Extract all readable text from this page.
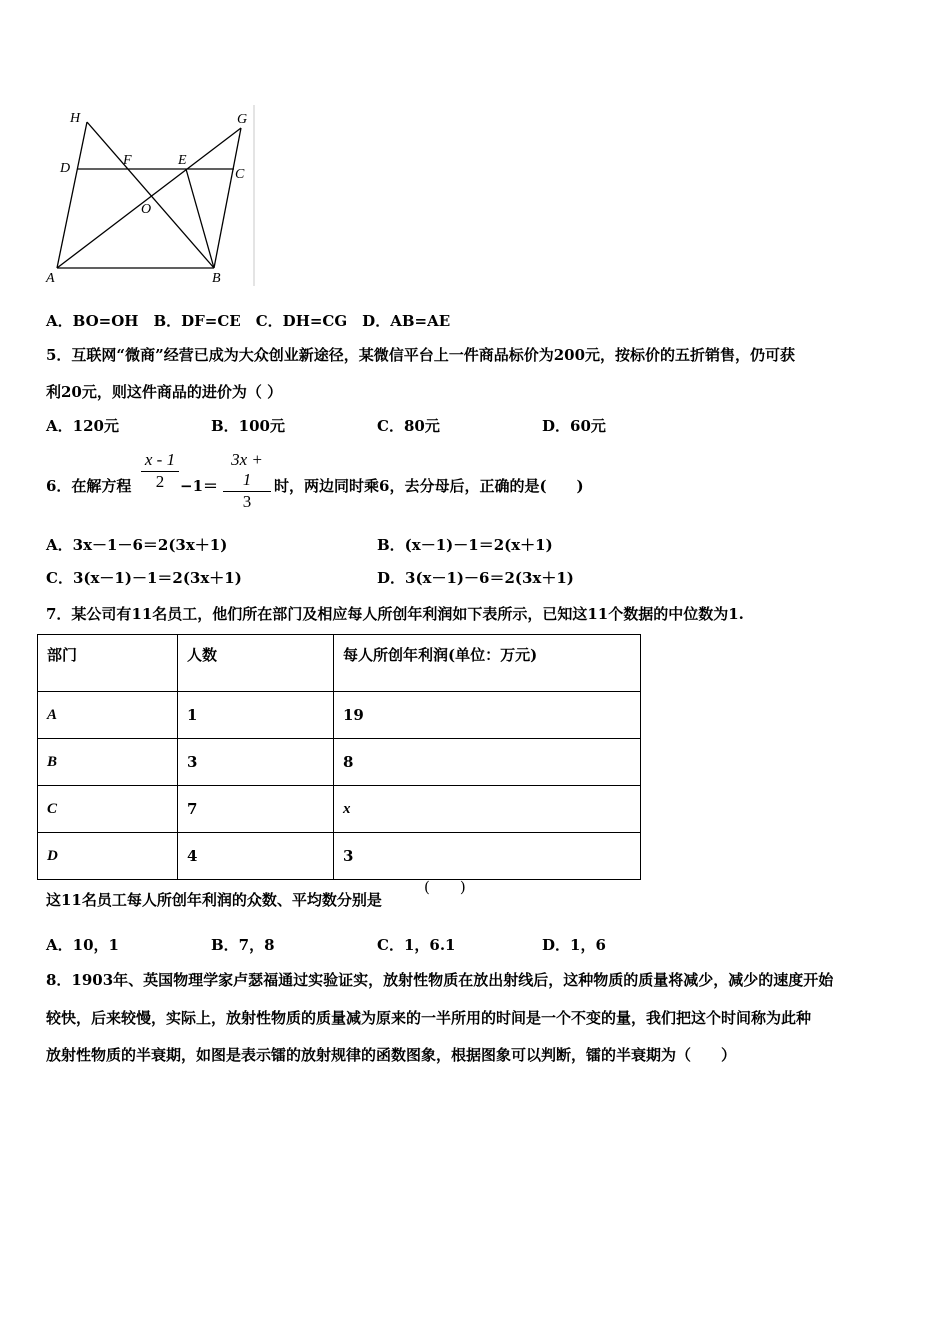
H	G
D
F	E
C
O
A	B
A．BO=OH　B．DF=CE　C．DH=CG　D．AB=AE
5．互联网“微商”经营已成为大众创业新途径，某微信平台上一件商品标价为200元，按标价的五折销售，仍可获
利20元，则这件商品的进价为（ ）
A．120元	B．100元	C．80元	D．60元
6．在解方程 $\frac{x - 1}{2} -1= \frac{3x + 1}{3}$ 时，两边同时乘6，去分母后，正确的是(　　)
A．3x－1－6＝2(3x＋1)	B．(x－1)－1＝2(x＋1)
C．3(x－1)－1＝2(3x＋1)	D．3(x－1)－6＝2(3x＋1)
7．某公司有11名员工，他们所在部门及相应每人所创年利润如下表所示，已知这11个数据的中位数为1.
部门	人数	每人所创年利润(单位：万元)
A	1	19
B	3	8
C	7	x
D	4	3
这11名员工每人所创年利润的众数、平均数分别是
(　　)
A．10，1	B．7，8	C．1，6.1	D．1，6
8．1903年、英国物理学家卢瑟福通过实验证实，放射性物质在放出射线后，这种物质的质量将减少，减少的速度开始
较快，后来较慢，实际上，放射性物质的质量减为原来的一半所用的时间是一个不变的量，我们把这个时间称为此种
放射性物质的半衰期，如图是表示镭的放射规律的函数图象，根据图象可以判断，镭的半衰期为（　　）
